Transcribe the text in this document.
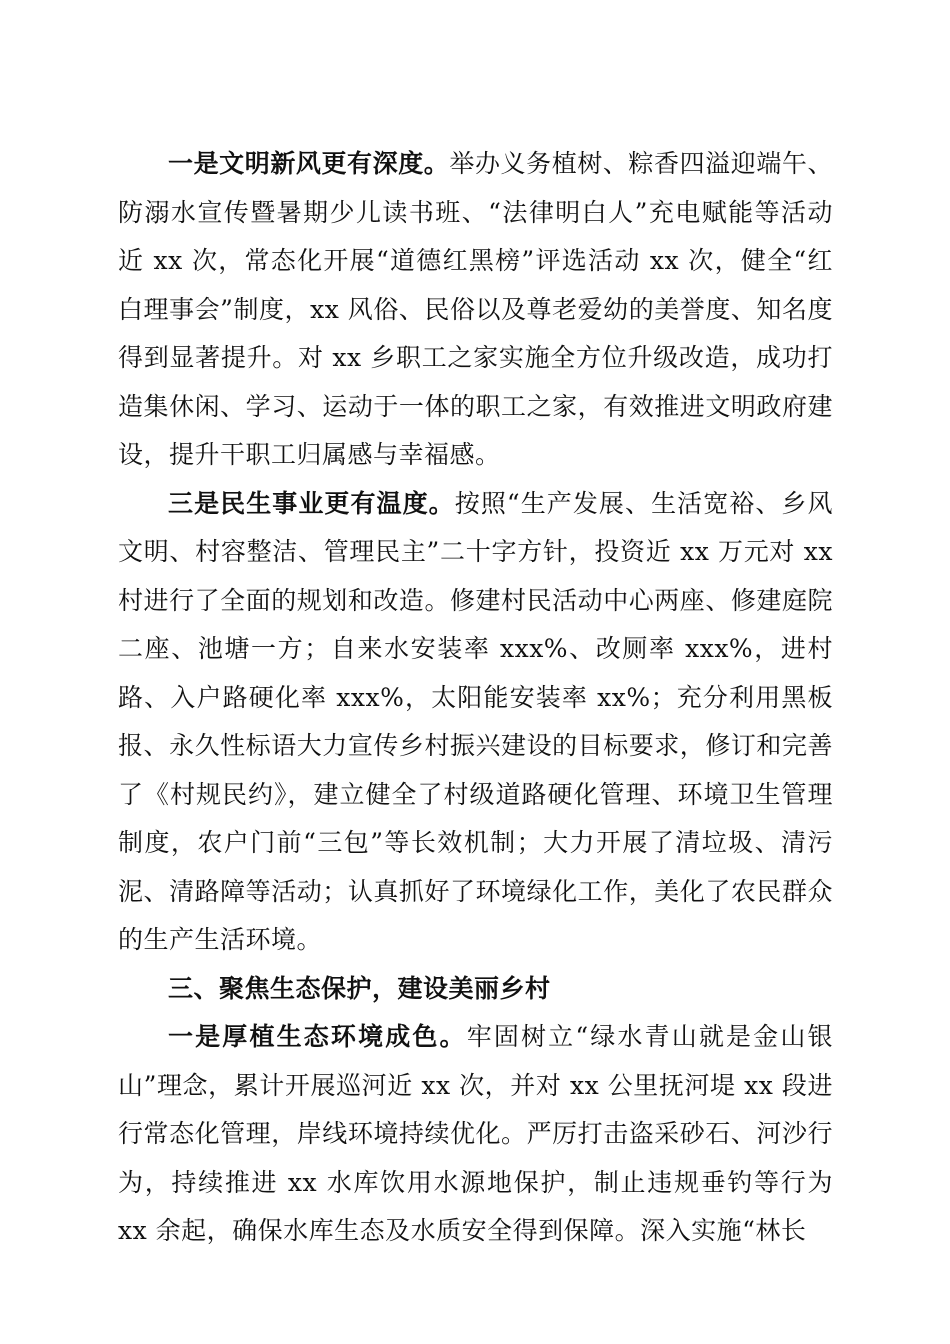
一是文明新风更有深度。举办义务植树、粽香四溢迎端午、防溺水宣传暨暑期少儿读书班、“法律明白人”充电赋能等活动近 xx 次，常态化开展“道德红黑榜”评选活动 xx 次，健全“红白理事会”制度，xx 风俗、民俗以及尊老爱幼的美誉度、知名度得到显著提升。对 xx 乡职工之家实施全方位升级改造，成功打造集休闲、学习、运动于一体的职工之家，有效推进文明政府建设，提升干职工归属感与幸福感。

三是民生事业更有温度。按照“生产发展、生活宽裕、乡风文明、村容整洁、管理民主”二十字方针，投资近 xx 万元对 xx 村进行了全面的规划和改造。修建村民活动中心两座、修建庭院二座、池塘一方；自来水安装率 xxx%、改厕率 xxx%，进村路、入户路硬化率 xxx%，太阳能安装率 xx%；充分利用黑板报、永久性标语大力宣传乡村振兴建设的目标要求，修订和完善了《村规民约》，建立健全了村级道路硬化管理、环境卫生管理制度，农户门前“三包”等长效机制；大力开展了清垃圾、清污泥、清路障等活动；认真抓好了环境绿化工作，美化了农民群众的生产生活环境。

三、聚焦生态保护，建设美丽乡村

一是厚植生态环境成色。牢固树立“绿水青山就是金山银山”理念，累计开展巡河近 xx 次，并对 xx 公里抚河堤 xx 段进行常态化管理，岸线环境持续优化。严厉打击盗采砂石、河沙行为，持续推进 xx 水库饮用水源地保护，制止违规垂钓等行为 xx 余起，确保水库生态及水质安全得到保障。深入实施“林长
